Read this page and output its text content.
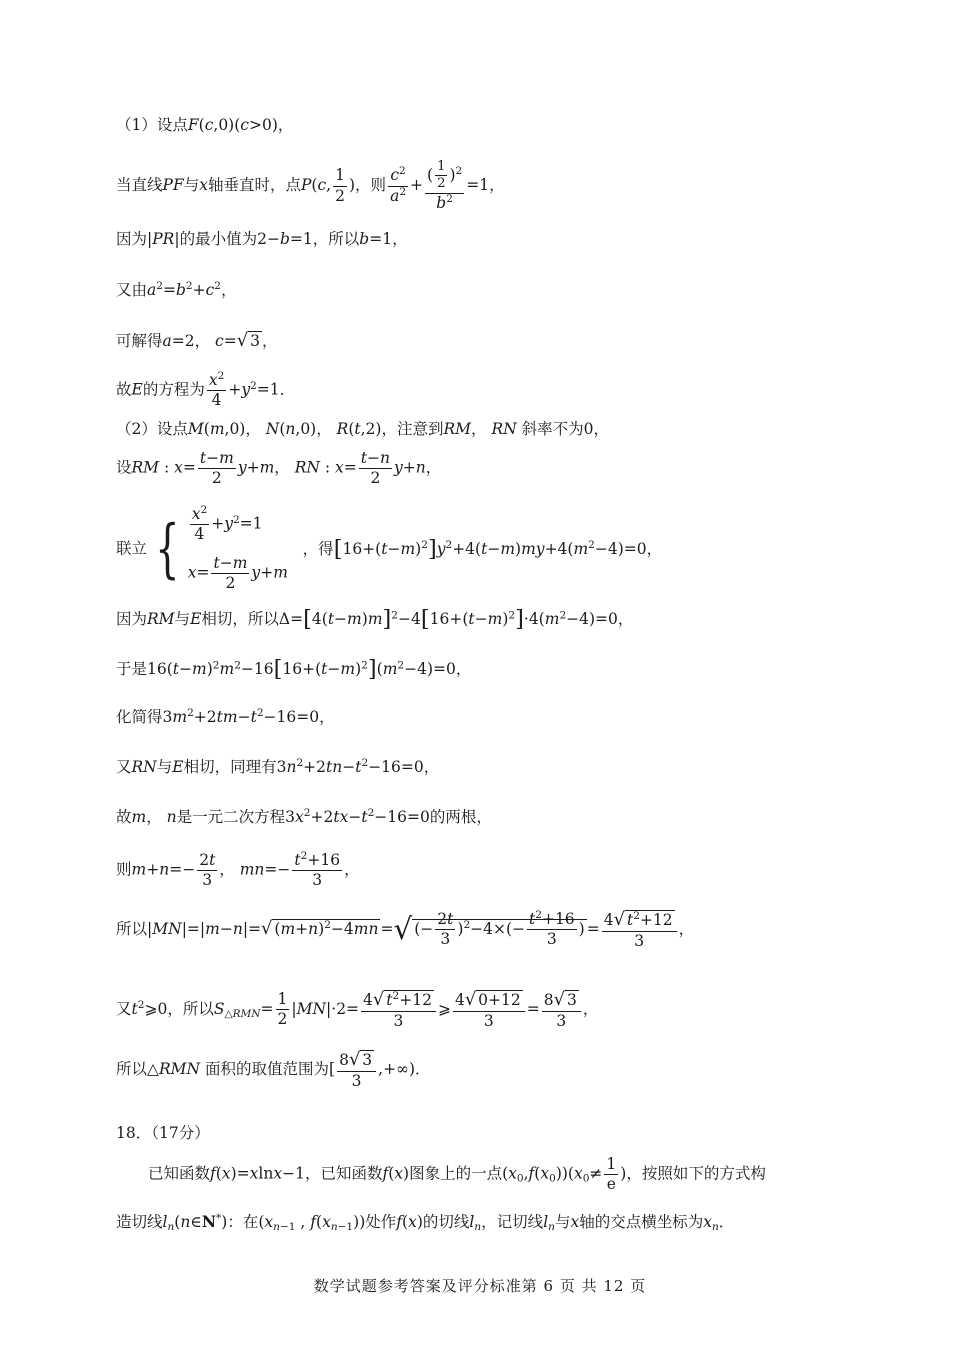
（1）设点F(c,0)(c>0)，
当直线PF与x轴垂直时，点P(c, $\frac{1}{2}$ )，则 $\frac{c^2}{a^2} + \frac{( \frac{1}{2} )^2}{b^2} =1$，
因为|PR|的最小值为2−b=1，所以b=1，
又由$a^2=b^2+c^2$，
可解得a=2， c=√ 3 ，
故E的方程为 $\frac{x^2}{4} +y^2=1$．
（2）设点M(m,0)， N(n,0)， R(t,2)，注意到RM， RN 斜率不为0，
设RM : $x= \frac{t-m}{2} y+m$， RN : $x= \frac{t-n}{2} y+n$，
联立 { $\frac{x^2}{4} +y^2=1$
$x= \frac{t-m}{2} y+m$
，得$[16+(t-m)^2]y^2+4(t-m)my+4(m^2-4)=0$，
因为RM与E相切，所以$\Delta=[4(t-m)m]^2-4[16+(t-m)^2]\cdot 4(m^2-4)=0$，
于是$16(t-m)^2m^2-16[16+(t-m)^2](m^2-4)=0$，
化简得$3m^2+2tm-t^2-16=0$，
又RN与E相切，同理有$3n^2+2tn-t^2-16=0$，
故m， n是一元二次方程$3x^2+2tx-t^2-16=0$的两根，
则$m+n=- \frac{2t}{3}$ ， $mn=- \frac{t^2+16}{3}$ ，
所以|MN|=|m−n|=√ $(m+n)^2-4mn$ =√ (− $\frac{2t}{3} )^2-4\times(- \frac{t^2+16}{3}$ ) = $\frac{4√ t^2+12}{3}$ ，
又$t^2⩾0$，所以$S_{\triangle RMN}= \frac{1}{2} |MN|\cdot 2= \frac{4√ t^2+12}{3}$ ⩾ $\frac{4√ 0+12}{3} = \frac{8√ 3}{3}$ ，
所以△RMN 面积的取值范围为[ $\frac{8√ 3}{3}$ ,+∞)．
18．（17分）
已知函数f(x)=xlnx−1，已知函数f(x)图象上的一点$(x_0,f(x_0))(x_0\ne \frac{1}{e}$ )，按照如下的方式构
造切线$l_n(n\in N^*)$：在($x_{n-1}$ , $f(x_{n-1})$)处作f(x)的切线$l_n$，记切线$l_n$与x轴的交点横坐标为$x_n$．
数学试题参考答案及评分标准第 6 页 共 12 页
